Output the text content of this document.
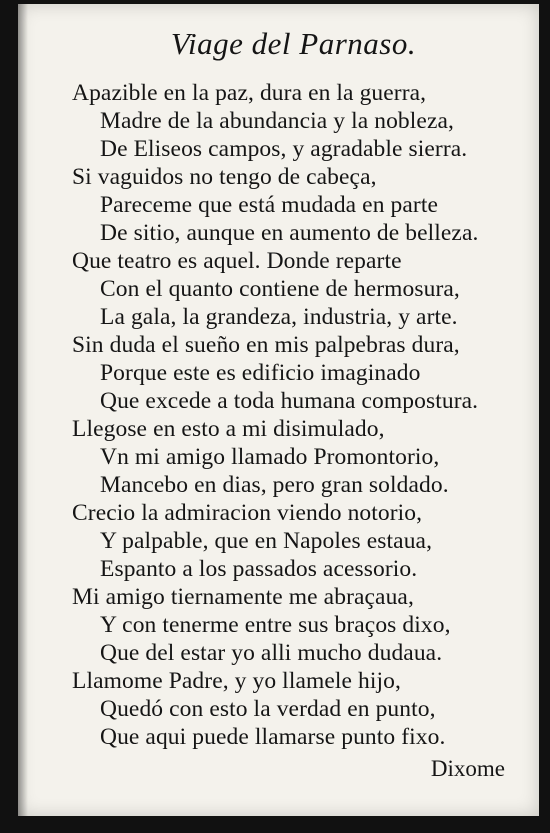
Viage del Parnaso.
Apazible en la paz, dura en la guerra,
Madre de la abundancia y la nobleza,
De Eliseos campos, y agradable sierra.
Si vaguidos no tengo de cabeça,
Pareceme que está mudada en parte
De sitio, aunque en aumento de belleza.
Que teatro es aquel. Donde reparte
Con el quanto contiene de hermosura,
La gala, la grandeza, industria, y arte.
Sin duda el sueño en mis palpebras dura,
Porque este es edificio imaginado
Que excede a toda humana compostura.
Llegose en esto a mi disimulado,
Vn mi amigo llamado Promontorio,
Mancebo en dias, pero gran soldado.
Crecio la admiracion viendo notorio,
Y palpable, que en Napoles estaua,
Espanto a los passados acessorio.
Mi amigo tiernamente me abraçaua,
Y con tenerme entre sus braços dixo,
Que del estar yo alli mucho dudaua.
Llamome Padre, y yo llamele hijo,
Quedó con esto la verdad en punto,
Que aqui puede llamarse punto fixo.
Dixome
